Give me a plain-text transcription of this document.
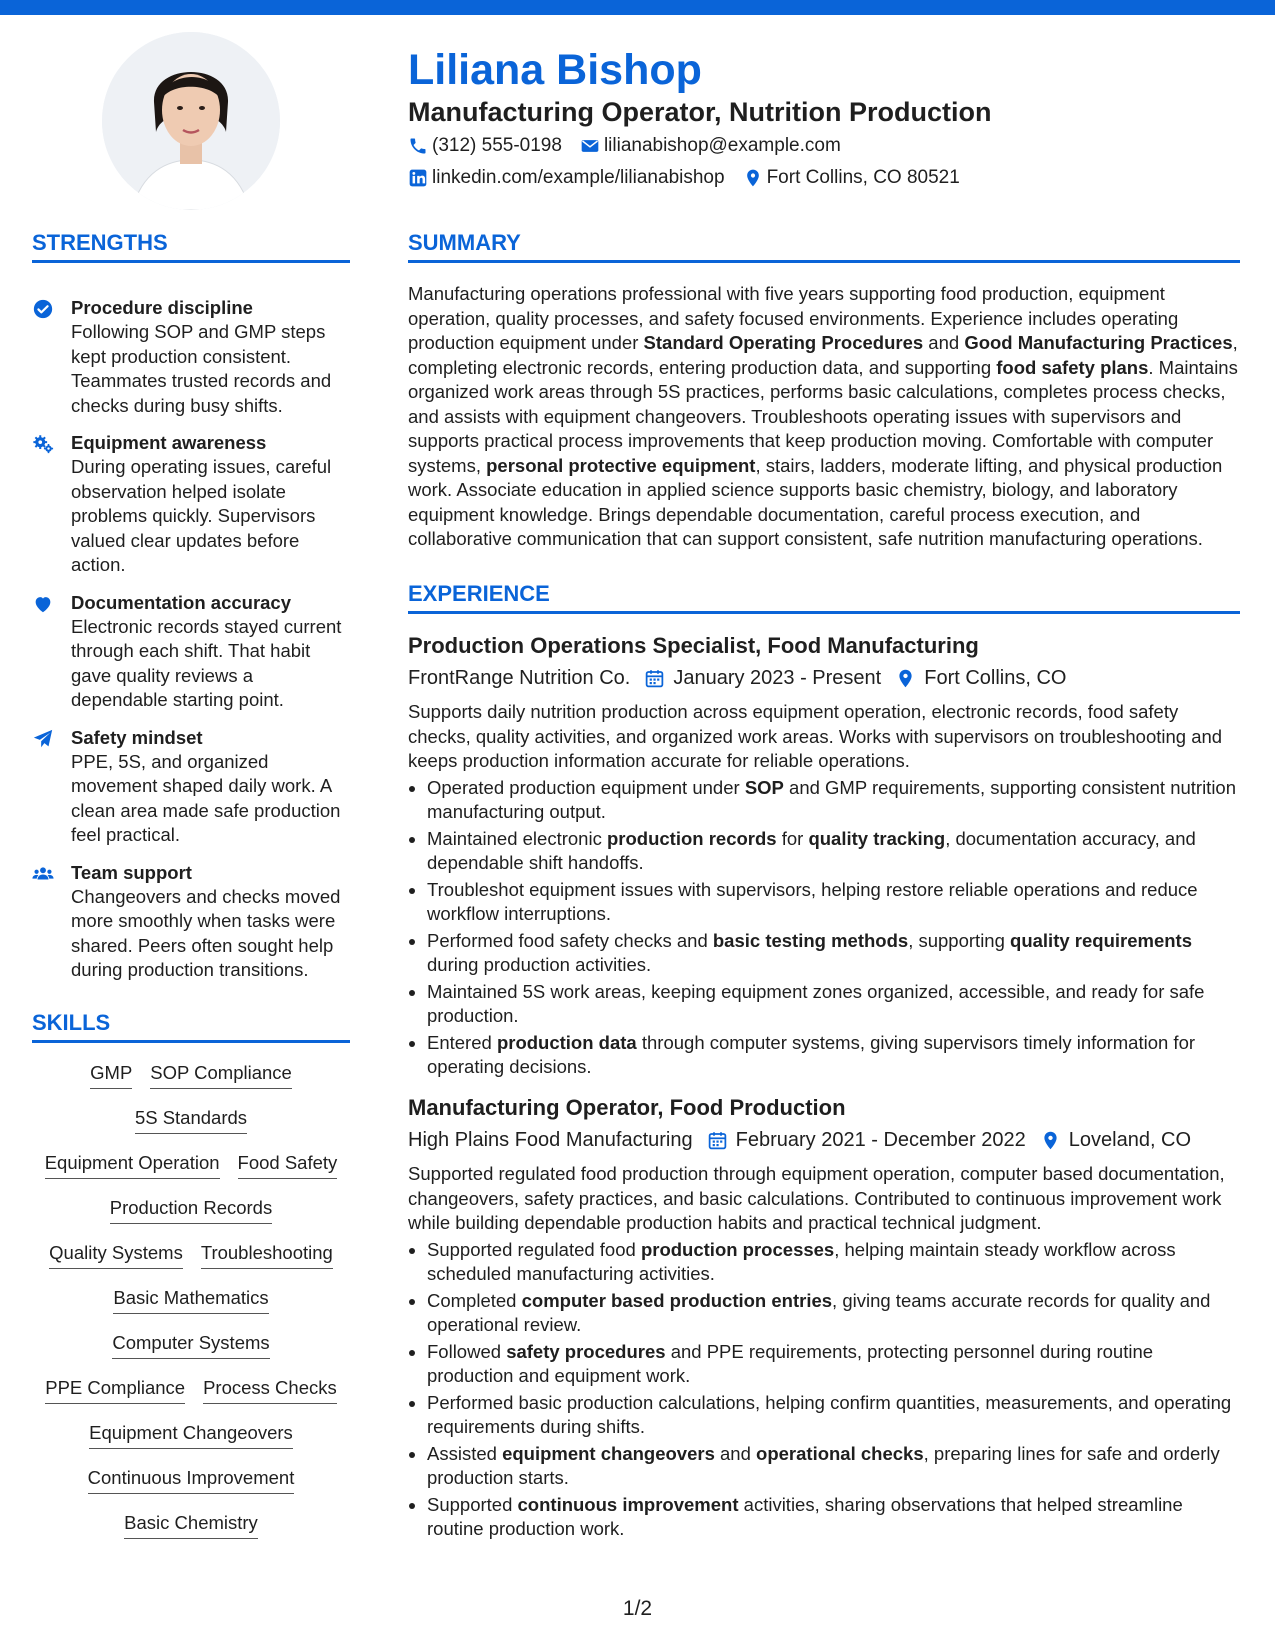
Liliana Bishop
Manufacturing Operator, Nutrition Production
(312) 555-0198 lilianabishop@example.com
linkedin.com/example/lilianabishop Fort Collins, CO 80521
STRENGTHS
Procedure discipline
Following SOP and GMP steps kept production consistent. Teammates trusted records and checks during busy shifts.
Equipment awareness
During operating issues, careful observation helped isolate problems quickly. Supervisors valued clear updates before action.
Documentation accuracy
Electronic records stayed current through each shift. That habit gave quality reviews a dependable starting point.
Safety mindset
PPE, 5S, and organized movement shaped daily work. A clean area made safe production feel practical.
Team support
Changeovers and checks moved more smoothly when tasks were shared. Peers often sought help during production transitions.
SKILLS
GMP SOP Compliance
5S Standards
Equipment Operation Food Safety
Production Records
Quality Systems Troubleshooting
Basic Mathematics
Computer Systems
PPE Compliance Process Checks
Equipment Changeovers
Continuous Improvement
Basic Chemistry
SUMMARY

Manufacturing operations professional with five years supporting food production, equipment operation, quality processes, and safety focused environments. Experience includes operating production equipment under Standard Operating Procedures and Good Manufacturing Practices, completing electronic records, entering production data, and supporting food safety plans. Maintains organized work areas through 5S practices, performs basic calculations, completes process checks, and assists with equipment changeovers. Troubleshoots operating issues with supervisors and supports practical process improvements that keep production moving. Comfortable with computer systems, personal protective equipment, stairs, ladders, moderate lifting, and physical production work. Associate education in applied science supports basic chemistry, biology, and laboratory equipment knowledge. Brings dependable documentation, careful process execution, and collaborative communication that can support consistent, safe nutrition manufacturing operations.

EXPERIENCE
Production Operations Specialist, Food Manufacturing
FrontRange Nutrition Co. January 2023 - Present Fort Collins, CO

Supports daily nutrition production across equipment operation, electronic records, food safety checks, quality activities, and organized work areas. Works with supervisors on troubleshooting and keeps production information accurate for reliable operations.

• Operated production equipment under SOP and GMP requirements, supporting consistent nutrition manufacturing output.
• Maintained electronic production records for quality tracking, documentation accuracy, and dependable shift handoffs.
• Troubleshot equipment issues with supervisors, helping restore reliable operations and reduce workflow interruptions.
• Performed food safety checks and basic testing methods, supporting quality requirements during production activities.
• Maintained 5S work areas, keeping equipment zones organized, accessible, and ready for safe production.
• Entered production data through computer systems, giving supervisors timely information for operating decisions.
Manufacturing Operator, Food Production
High Plains Food Manufacturing February 2021 - December 2022 Loveland, CO

Supported regulated food production through equipment operation, computer based documentation, changeovers, safety practices, and basic calculations. Contributed to continuous improvement work while building dependable production habits and practical technical judgment.

• Supported regulated food production processes, helping maintain steady workflow across scheduled manufacturing activities.
• Completed computer based production entries, giving teams accurate records for quality and operational review.
• Followed safety procedures and PPE requirements, protecting personnel during routine production and equipment work.
• Performed basic production calculations, helping confirm quantities, measurements, and operating requirements during shifts.
• Assisted equipment changeovers and operational checks, preparing lines for safe and orderly production starts.
• Supported continuous improvement activities, sharing observations that helped streamline routine production work.
1/2
